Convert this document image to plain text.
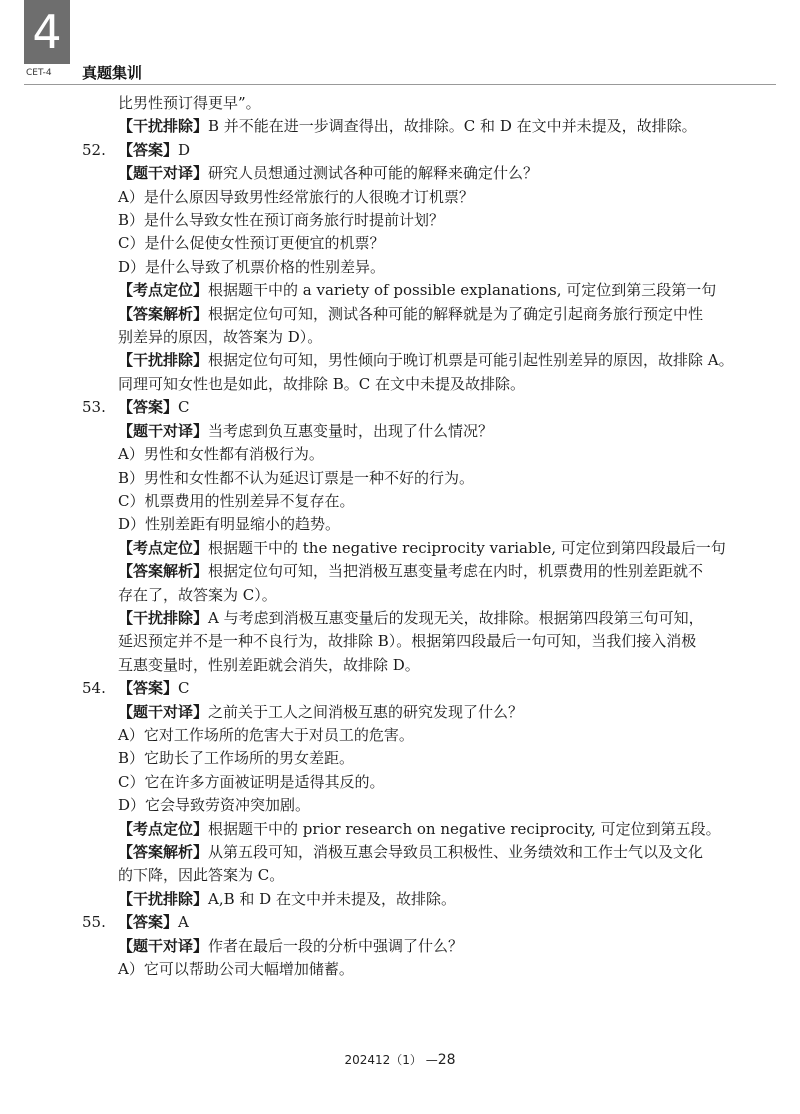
4
CET-4 真题集训
比男性预订得更早”。
【干扰排除】B 并不能在进一步调查得出，故排除。C 和 D 在文中并未提及，故排除。
52. 【答案】 D
【题干对译】研究人员想通过测试各种可能的解释来确定什么？
A）是什么原因导致男性经常旅行的人很晚才订机票？
B）是什么导致女性在预订商务旅行时提前计划？
C）是什么促使女性预订更便宜的机票？
D）是什么导致了机票价格的性别差异。
【考点定位】根据题干中的 a variety of possible explanations, 可定位到第三段第一句
【答案解析】根据定位句可知，测试各种可能的解释就是为了确定引起商务旅行预定中性
别差异的原因，故答案为 D）。
【干扰排除】根据定位句可知，男性倾向于晚订机票是可能引起性别差异的原因，故排除 A。
同理可知女性也是如此，故排除 B。C 在文中未提及故排除。
53. 【答案】 C
【题干对译】当考虑到负互惠变量时，出现了什么情况？
A）男性和女性都有消极行为。
B）男性和女性都不认为延迟订票是一种不好的行为。
C）机票费用的性别差异不复存在。
D）性别差距有明显缩小的趋势。
【考点定位】根据题干中的 the negative reciprocity variable, 可定位到第四段最后一句
【答案解析】根据定位句可知，当把消极互惠变量考虑在内时，机票费用的性别差距就不
存在了，故答案为 C）。
【干扰排除】A 与考虑到消极互惠变量后的发现无关，故排除。根据第四段第三句可知，
延迟预定并不是一种不良行为，故排除 B）。根据第四段最后一句可知，当我们接入消极
互惠变量时，性别差距就会消失，故排除 D。
54. 【答案】 C
【题干对译】之前关于工人之间消极互惠的研究发现了什么？
A）它对工作场所的危害大于对员工的危害。
B）它助长了工作场所的男女差距。
C）它在许多方面被证明是适得其反的。
D）它会导致劳资冲突加剧。
【考点定位】根据题干中的 prior research on negative reciprocity, 可定位到第五段。
【答案解析】从第五段可知，消极互惠会导致员工积极性、业务绩效和工作士气以及文化
的下降，因此答案为 C。
【干扰排除】A,B 和 D 在文中并未提及，故排除。
55. 【答案】 A
【题干对译】作者在最后一段的分析中强调了什么？
A）它可以帮助公司大幅增加储蓄。
202412（1） —28
